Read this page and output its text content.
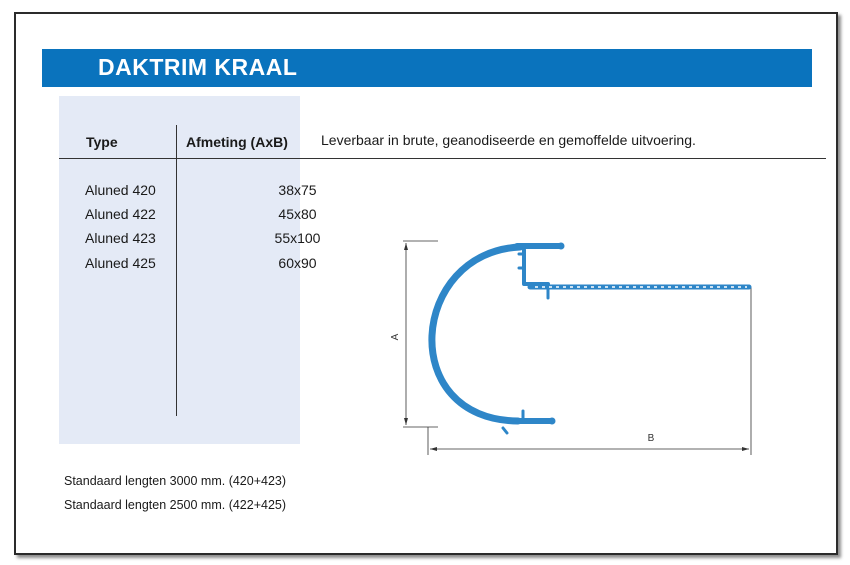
DAKTRIM KRAAL
Type	Afmeting (AxB) Leverbaar in brute, geanodiseerde en gemoffelde uitvoering.
Aluned 420	38x75
Aluned 422	45x80
Aluned 423	55x100
Aluned 425	60x90
Standaard lengten 3000 mm. (420+423)
Standaard lengten 2500 mm. (422+425)
A
B
